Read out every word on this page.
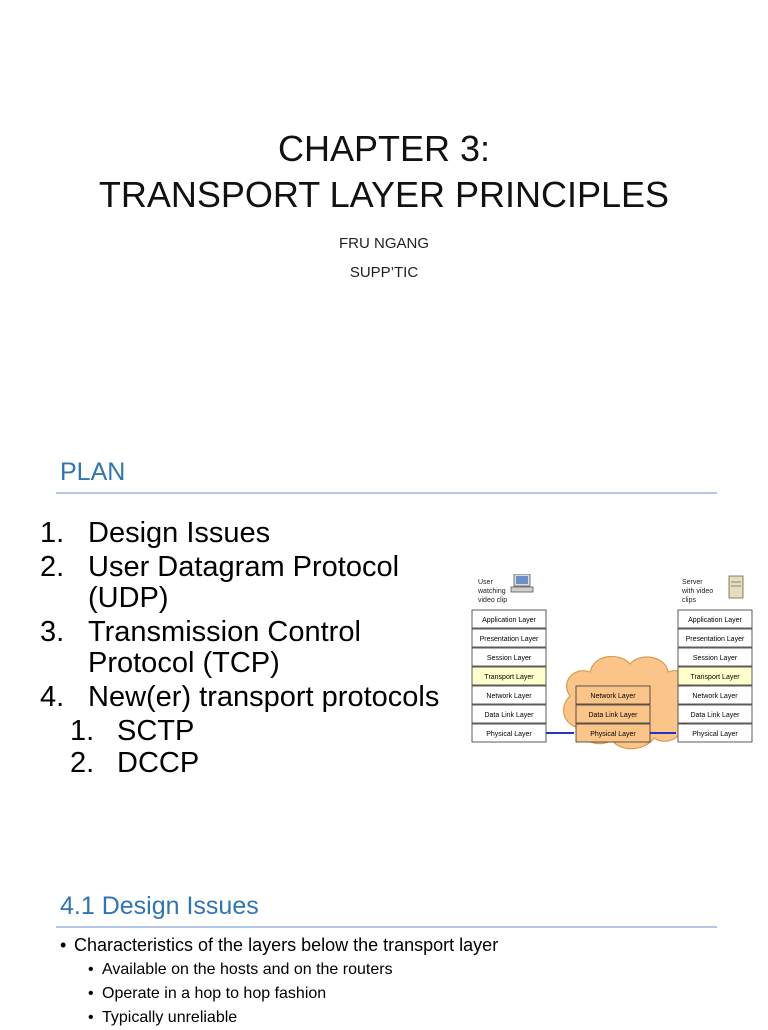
CHAPTER 3:
TRANSPORT LAYER PRINCIPLES
FRU NGANG
SUPP’TIC
PLAN
1. Design Issues
2. User Datagram Protocol (UDP)
3. Transmission Control Protocol (TCP)
4. New(er) transport protocols
1. SCTP
2. DCCP
User
watching
video clip
Server
with video
clips
Application Layer
Presentation Layer
Session Layer
Transport Layer
Network Layer
Data Link Layer
Physical Layer
Network Layer
Data Link Layer
Physical Layer
Application Layer
Presentation Layer
Session Layer
Transport Layer
Network Layer
Data Link Layer
Physical Layer
4.1 Design Issues
• Characteristics of the layers below the transport layer
• Available on the hosts and on the routers
• Operate in a hop to hop fashion
• Typically unreliable
